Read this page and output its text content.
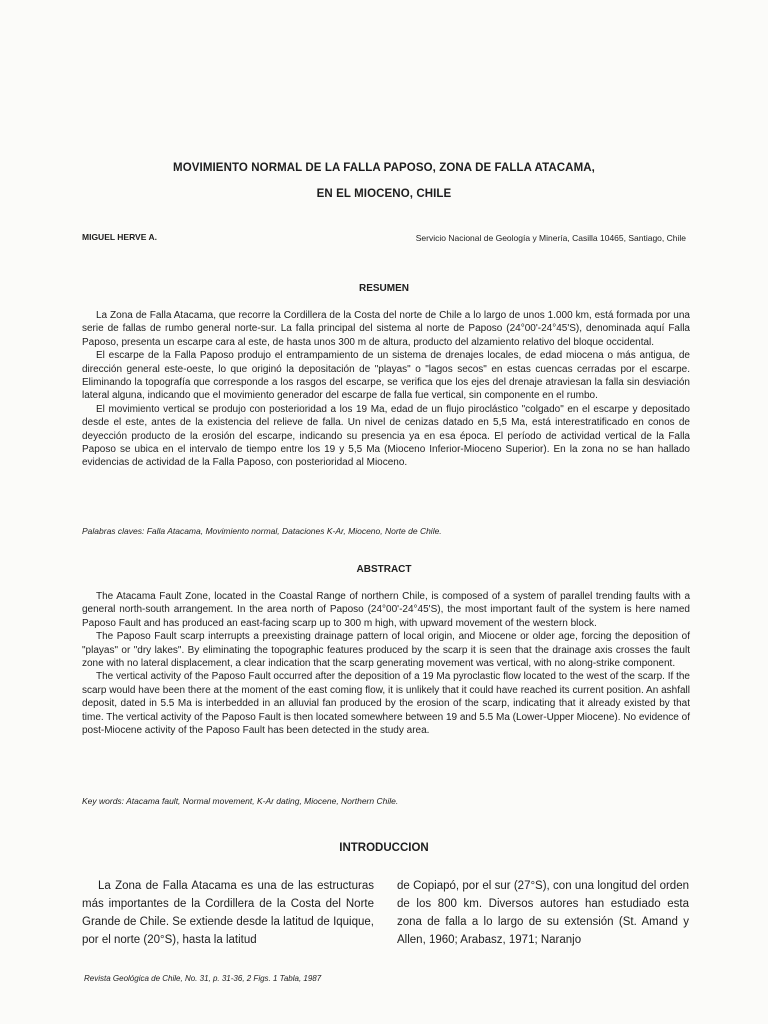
MOVIMIENTO NORMAL DE LA FALLA PAPOSO, ZONA DE FALLA ATACAMA,
EN EL MIOCENO, CHILE
MIGUEL HERVE A.	Servicio Nacional de Geología y Minería, Casilla 10465, Santiago, Chile
RESUMEN

La Zona de Falla Atacama, que recorre la Cordillera de la Costa del norte de Chile a lo largo de unos 1.000 km, está formada por una serie de fallas de rumbo general norte-sur. La falla principal del sistema al norte de Paposo (24°00'-24°45'S), denominada aquí Falla Paposo, presenta un escarpe cara al este, de hasta unos 300 m de altura, producto del alzamiento relativo del bloque occidental.

El escarpe de la Falla Paposo produjo el entrampamiento de un sistema de drenajes locales, de edad miocena o más antigua, de dirección general este-oeste, lo que originó la depositación de "playas" o "lagos secos" en estas cuencas cerradas por el escarpe. Eliminando la topografía que corresponde a los rasgos del escarpe, se verifica que los ejes del drenaje atraviesan la falla sin desviación lateral alguna, indicando que el movimiento generador del escarpe de falla fue vertical, sin componente en el rumbo.

El movimiento vertical se produjo con posterioridad a los 19 Ma, edad de un flujo piroclástico "colgado" en el escarpe y depositado desde el este, antes de la existencia del relieve de falla. Un nivel de cenizas datado en 5,5 Ma, está interestratificado en conos de deyección producto de la erosión del escarpe, indicando su presencia ya en esa época. El período de actividad vertical de la Falla Paposo se ubica en el intervalo de tiempo entre los 19 y 5,5 Ma (Mioceno Inferior-Mioceno Superior). En la zona no se han hallado evidencias de actividad de la Falla Paposo, con posterioridad al Mioceno.

Palabras claves: Falla Atacama, Movimiento normal, Dataciones K-Ar, Mioceno, Norte de Chile.
ABSTRACT

The Atacama Fault Zone, located in the Coastal Range of northern Chile, is composed of a system of parallel trending faults with a general north-south arrangement. In the area north of Paposo (24°00'-24°45'S), the most important fault of the system is here named Paposo Fault and has produced an east-facing scarp up to 300 m high, with upward movement of the western block.

The Paposo Fault scarp interrupts a preexisting drainage pattern of local origin, and Miocene or older age, forcing the deposition of "playas" or "dry lakes". By eliminating the topographic features produced by the scarp it is seen that the drainage axis crosses the fault zone with no lateral displacement, a clear indication that the scarp generating movement was vertical, with no along-strike component.

The vertical activity of the Paposo Fault occurred after the deposition of a 19 Ma pyroclastic flow located to the west of the scarp. If the scarp would have been there at the moment of the east coming flow, it is unlikely that it could have reached its current position. An ashfall deposit, dated in 5.5 Ma is interbedded in an alluvial fan produced by the erosion of the scarp, indicating that it already existed by that time. The vertical activity of the Paposo Fault is then located somewhere between 19 and 5.5 Ma (Lower-Upper Miocene). No evidence of post-Miocene activity of the Paposo Fault has been detected in the study area.

Key words: Atacama fault, Normal movement, K-Ar dating, Miocene, Northern Chile.
INTRODUCCION

La Zona de Falla Atacama es una de las estructuras más importantes de la Cordillera de la Costa del Norte Grande de Chile. Se extiende desde la latitud de Iquique, por el norte (20°S), hasta la latitud

de Copiapó, por el sur (27°S), con una longitud del orden de los 800 km. Diversos autores han estudiado esta zona de falla a lo largo de su extensión (St. Amand y Allen, 1960; Arabasz, 1971; Naranjo

Revista Geológica de Chile, No. 31, p. 31-36, 2 Figs. 1 Tabla, 1987
